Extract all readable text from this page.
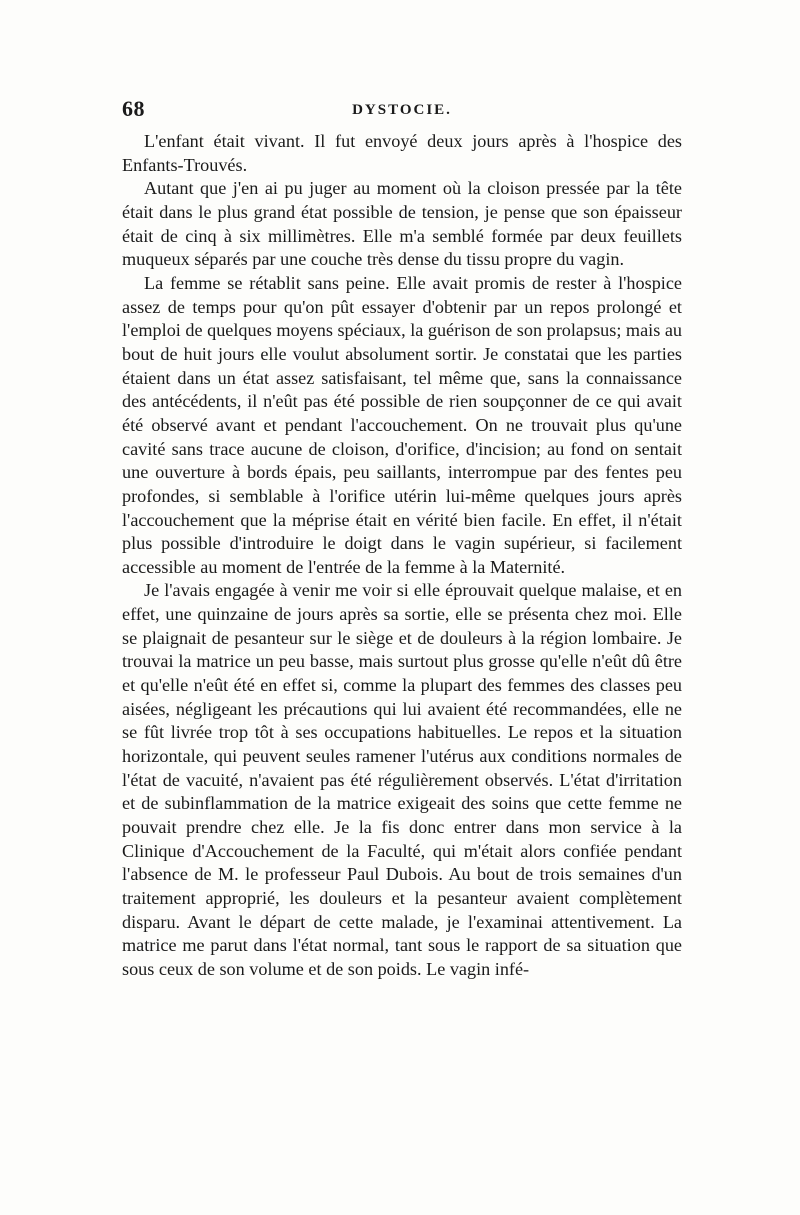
68	DYSTOCIE.

L'enfant était vivant. Il fut envoyé deux jours après à l'hospice des Enfants-Trouvés.

Autant que j'en ai pu juger au moment où la cloison pressée par la tête était dans le plus grand état possible de tension, je pense que son épaisseur était de cinq à six millimètres. Elle m'a semblé formée par deux feuillets muqueux séparés par une couche très dense du tissu propre du vagin.

La femme se rétablit sans peine. Elle avait promis de rester à l'hospice assez de temps pour qu'on pût essayer d'obtenir par un repos prolongé et l'emploi de quelques moyens spéciaux, la guérison de son prolapsus; mais au bout de huit jours elle voulut absolument sortir. Je constatai que les parties étaient dans un état assez satisfaisant, tel même que, sans la connaissance des antécédents, il n'eût pas été possible de rien soupçonner de ce qui avait été observé avant et pendant l'accouchement. On ne trouvait plus qu'une cavité sans trace aucune de cloison, d'orifice, d'incision; au fond on sentait une ouverture à bords épais, peu saillants, interrompue par des fentes peu profondes, si semblable à l'orifice utérin lui-même quelques jours après l'accouchement que la méprise était en vérité bien facile. En effet, il n'était plus possible d'introduire le doigt dans le vagin supérieur, si facilement accessible au moment de l'entrée de la femme à la Maternité.

Je l'avais engagée à venir me voir si elle éprouvait quelque malaise, et en effet, une quinzaine de jours après sa sortie, elle se présenta chez moi. Elle se plaignait de pesanteur sur le siège et de douleurs à la région lombaire. Je trouvai la matrice un peu basse, mais surtout plus grosse qu'elle n'eût dû être et qu'elle n'eût été en effet si, comme la plupart des femmes des classes peu aisées, négligeant les précautions qui lui avaient été recommandées, elle ne se fût livrée trop tôt à ses occupations habituelles. Le repos et la situation horizontale, qui peuvent seules ramener l'utérus aux conditions normales de l'état de vacuité, n'avaient pas été régulièrement observés. L'état d'irritation et de subinflammation de la matrice exigeait des soins que cette femme ne pouvait prendre chez elle. Je la fis donc entrer dans mon service à la Clinique d'Accouchement de la Faculté, qui m'était alors confiée pendant l'absence de M. le professeur Paul Dubois. Au bout de trois semaines d'un traitement approprié, les douleurs et la pesanteur avaient complètement disparu. Avant le départ de cette malade, je l'examinai attentivement. La matrice me parut dans l'état normal, tant sous le rapport de sa situation que sous ceux de son volume et de son poids. Le vagin infé-
